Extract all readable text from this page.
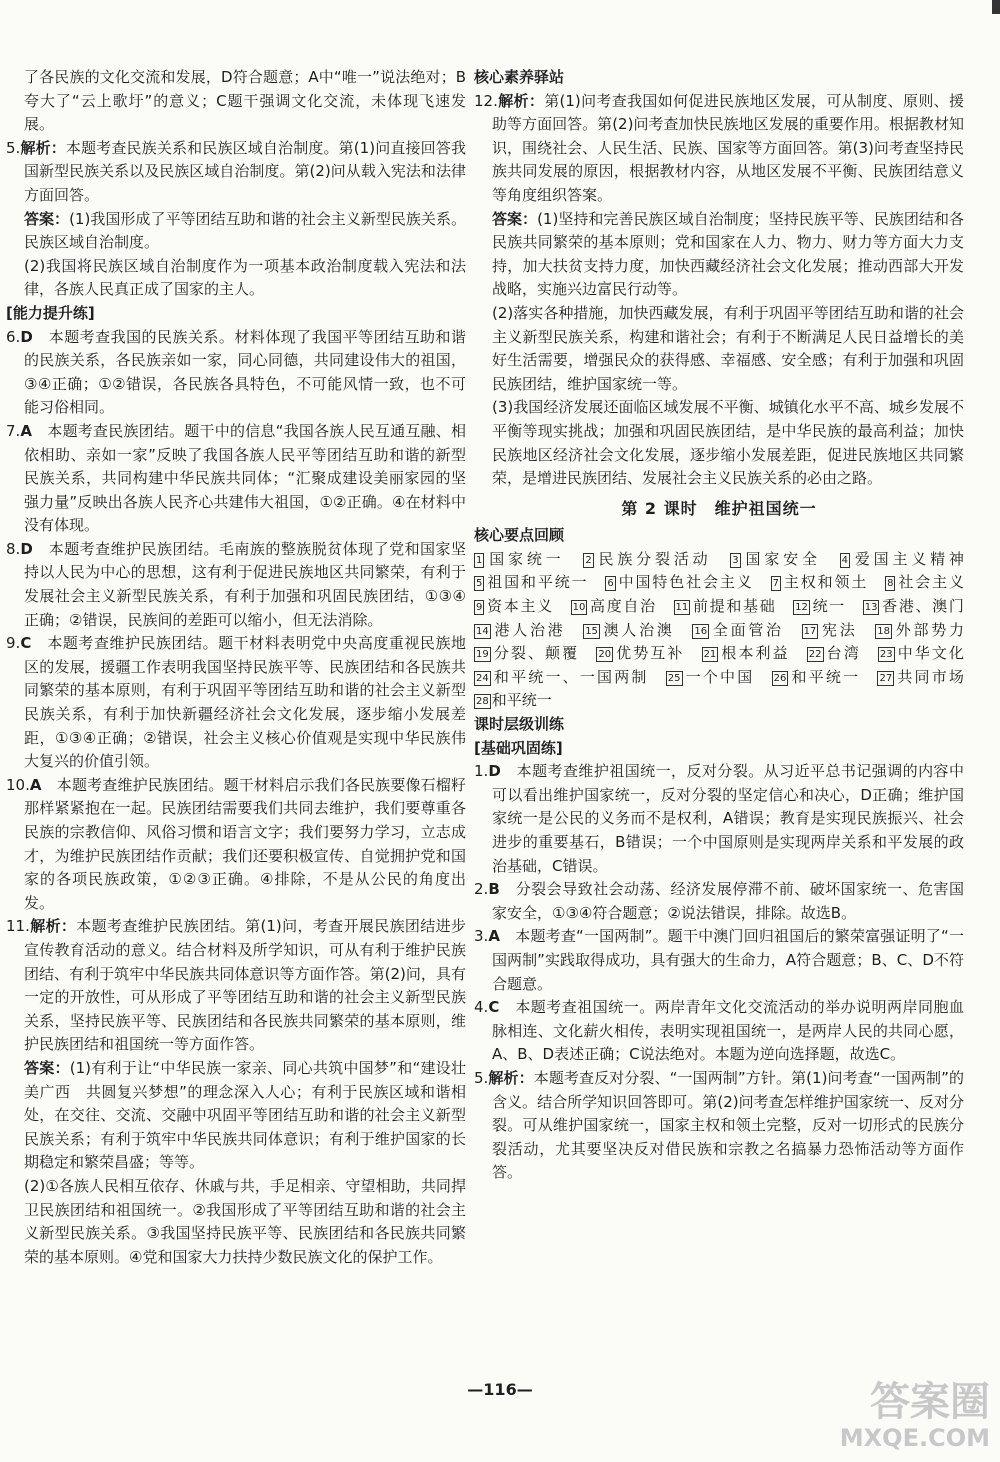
了各民族的文化交流和发展，D符合题意；A中“唯一”说法绝对；B夸大了“云上歌圩”的意义；C题干强调文化交流，未体现飞速发展。

5.解析：本题考查民族关系和民族区域自治制度。第(1)问直接回答我国新型民族关系以及民族区域自治制度。第(2)问从载入宪法和法律方面回答。

答案：(1)我国形成了平等团结互助和谐的社会主义新型民族关系。民族区域自治制度。

(2)我国将民族区域自治制度作为一项基本政治制度载入宪法和法律，各族人民真正成了国家的主人。

[能力提升练]

6.D　 本题考查我国的民族关系。材料体现了我国平等团结互助和谐的民族关系，各民族亲如一家，同心同德，共同建设伟大的祖国，③④正确；①②错误，各民族各具特色，不可能风情一致，也不可能习俗相同。

7.A　 本题考查民族团结。题干中的信息“我国各族人民互通互融、相依相助、亲如一家”反映了我国各族人民平等团结互助和谐的新型民族关系，共同构建中华民族共同体；“汇聚成建设美丽家园的坚强力量”反映出各族人民齐心共建伟大祖国，①②正确。④在材料中没有体现。

8.D　 本题考查维护民族团结。毛南族的整族脱贫体现了党和国家坚持以人民为中心的思想，这有利于促进民族地区共同繁荣，有利于发展社会主义新型民族关系，有利于加强和巩固民族团结，①③④正确；②错误，民族间的差距可以缩小，但无法消除。

9.C　 本题考查维护民族团结。题干材料表明党中央高度重视民族地区的发展，援疆工作表明我国坚持民族平等、民族团结和各民族共同繁荣的基本原则，有利于巩固平等团结互助和谐的社会主义新型民族关系，有利于加快新疆经济社会文化发展，逐步缩小发展差距，①③④正确；②错误，社会主义核心价值观是实现中华民族伟大复兴的价值引领。

10.A　 本题考查维护民族团结。题干材料启示我们各民族要像石榴籽那样紧紧抱在一起。民族团结需要我们共同去维护，我们要尊重各民族的宗教信仰、风俗习惯和语言文字；我们要努力学习，立志成才，为维护民族团结作贡献；我们还要积极宣传、自觉拥护党和国家的各项民族政策，①②③正确。④排除，不是从公民的角度出发。

11.解析：本题考查维护民族团结。第(1)问，考查开展民族团结进步宣传教育活动的意义。结合材料及所学知识，可从有利于维护民族团结、有利于筑牢中华民族共同体意识等方面作答。第(2)问，具有一定的开放性，可从形成了平等团结互助和谐的社会主义新型民族关系，坚持民族平等、民族团结和各民族共同繁荣的基本原则，维护民族团结和祖国统一等方面作答。

答案：(1)有利于让“中华民族一家亲、同心共筑中国梦”和“建设壮美广西　共圆复兴梦想”的理念深入人心；有利于民族区域和谐相处，在交往、交流、交融中巩固平等团结互助和谐的社会主义新型民族关系；有利于筑牢中华民族共同体意识；有利于维护国家的长期稳定和繁荣昌盛；等等。

(2)①各族人民相互依存、休戚与共，手足相亲、守望相助，共同捍卫民族团结和祖国统一。②我国形成了平等团结互助和谐的社会主义新型民族关系。③我国坚持民族平等、民族团结和各民族共同繁荣的基本原则。④党和国家大力扶持少数民族文化的保护工作。

核心素养驿站

12.解析：第(1)问考查我国如何促进民族地区发展，可从制度、原则、援助等方面回答。第(2)问考查加快民族地区发展的重要作用。根据教材知识，围绕社会、人民生活、民族、国家等方面回答。第(3)问考查坚持民族共同发展的原因，根据教材内容，从地区发展不平衡、民族团结意义等角度组织答案。

答案：(1)坚持和完善民族区域自治制度；坚持民族平等、民族团结和各民族共同繁荣的基本原则；党和国家在人力、物力、财力等方面大力支持，加大扶贫支持力度，加快西藏经济社会文化发展；推动西部大开发战略，实施兴边富民行动等。

(2)落实各种措施，加快西藏发展，有利于巩固平等团结互助和谐的社会主义新型民族关系，构建和谐社会；有利于不断满足人民日益增长的美好生活需要，增强民众的获得感、幸福感、安全感；有利于加强和巩固民族团结，维护国家统一等。

(3)我国经济发展还面临区域发展不平衡、城镇化水平不高、城乡发展不平衡等现实挑战；加强和巩固民族团结，是中华民族的最高利益；加快民族地区经济社会文化发展，逐步缩小发展差距，促进民族地区共同繁荣，是增进民族团结、发展社会主义民族关系的必由之路。

第 2 课时　维护祖国统一

核心要点回顾

1 国家统一　 2 民族分裂活动　 3 国家安全　 4 爱国主义精神　5 祖国和平统一　 6 中国特色社会主义　 7 主权和领土　 8 社会主义　9 资本主义　 10 高度自治　 11 前提和基础　 12 统一　 13 香港、澳门　14 港人治港　 15 澳人治澳　 16 全面管治　 17 宪法　 18 外部势力　19 分裂、颠覆　 20 优势互补　 21 根本利益　 22 台湾　 23 中华文化　24 和平统一、一国两制　 25 一个中国　 26 和平统一　 27 共同市场　28 和平统一　

课时层级训练

[基础巩固练]

1.D　 本题考查维护祖国统一，反对分裂。从习近平总书记强调的内容中可以看出维护国家统一，反对分裂的坚定信心和决心，D正确；维护国家统一是公民的义务而不是权利，A错误；教育是实现民族振兴、社会进步的重要基石，B错误；一个中国原则是实现两岸关系和平发展的政治基础，C错误。

2.B　 分裂会导致社会动荡、经济发展停滞不前、破坏国家统一、危害国家安全，①③④符合题意；②说法错误，排除。故选B。

3.A　 本题考查“一国两制”。题干中澳门回归祖国后的繁荣富强证明了“一国两制”实践取得成功，具有强大的生命力，A符合题意；B、C、D不符合题意。

4.C　 本题考查祖国统一。两岸青年文化交流活动的举办说明两岸同胞血脉相连、文化薪火相传，表明实现祖国统一，是两岸人民的共同心愿，A、B、D表述正确；C说法绝对。本题为逆向选择题，故选C。

5.解析：本题考查反对分裂、“一国两制”方针。第(1)问考查“一国两制”的含义。结合所学知识回答即可。第(2)问考查怎样维护国家统一、反对分裂。可从维护国家统一，国家主权和领土完整，反对一切形式的民族分裂活动，尤其要坚决反对借民族和宗教之名搞暴力恐怖活动等方面作答。

—116—	答案圈
MXQE.COM
